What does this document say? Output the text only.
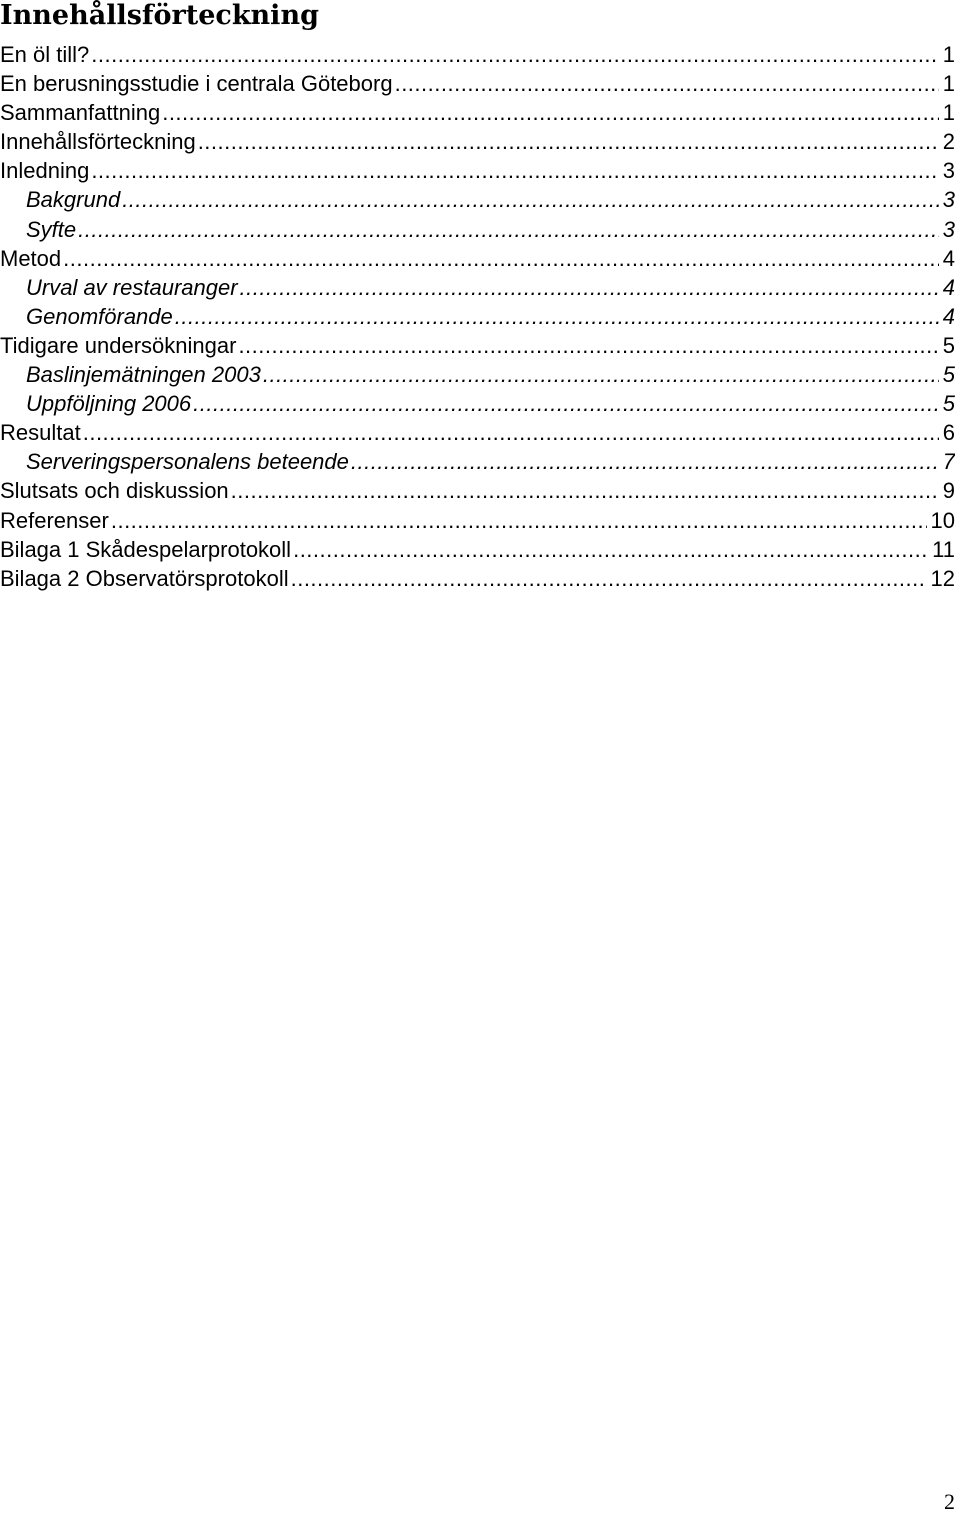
Innehållsförteckning
En öl till? .....	1
En berusningsstudie i centrala Göteborg .....	1
Sammanfattning .....	1
Innehållsförteckning .....	2
Inledning .....	3
Bakgrund .....	3
Syfte .....	3
Metod .....	4
Urval av restauranger .....	4
Genomförande .....	4
Tidigare undersökningar .....	5
Baslinjemätningen 2003 .....	5
Uppföljning 2006 .....	5
Resultat .....	6
Serveringspersonalens beteende .....	7
Slutsats och diskussion .....	9
Referenser .....	10
Bilaga 1 Skådespelarprotokoll .....	11
Bilaga 2 Observatörsprotokoll .....	12
2
